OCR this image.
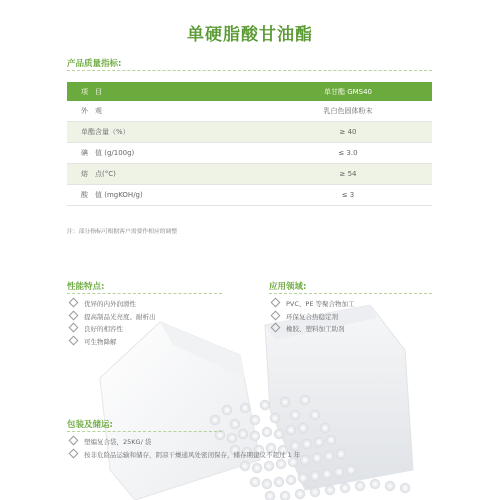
单硬脂酸甘油酯
产品质量指标:
项　目	单甘酯 GMS40
外　观	乳白色固体粉末
单酯含量（%）	≥ 40
碘　值 (g/100g)	≤ 3.0
熔　点(°C)	≥ 54
酸　值 (mgKOH/g)	≤ 3
注：部分指标可根据客户需要作相应的调整
性能特点:
优异的内外润滑性
提高制品光亮度、耐析出
良好的相容性
可生物降解
应用领域:
PVC、PE 等聚合物加工
环保复合热稳定剂
橡胶、塑料加工助剂
包装及储运:
塑编复合袋，25KG/ 袋
按非危险品运输和储存，阴凉干燥通风处密闭保存，储存期建议不超过 1 年
